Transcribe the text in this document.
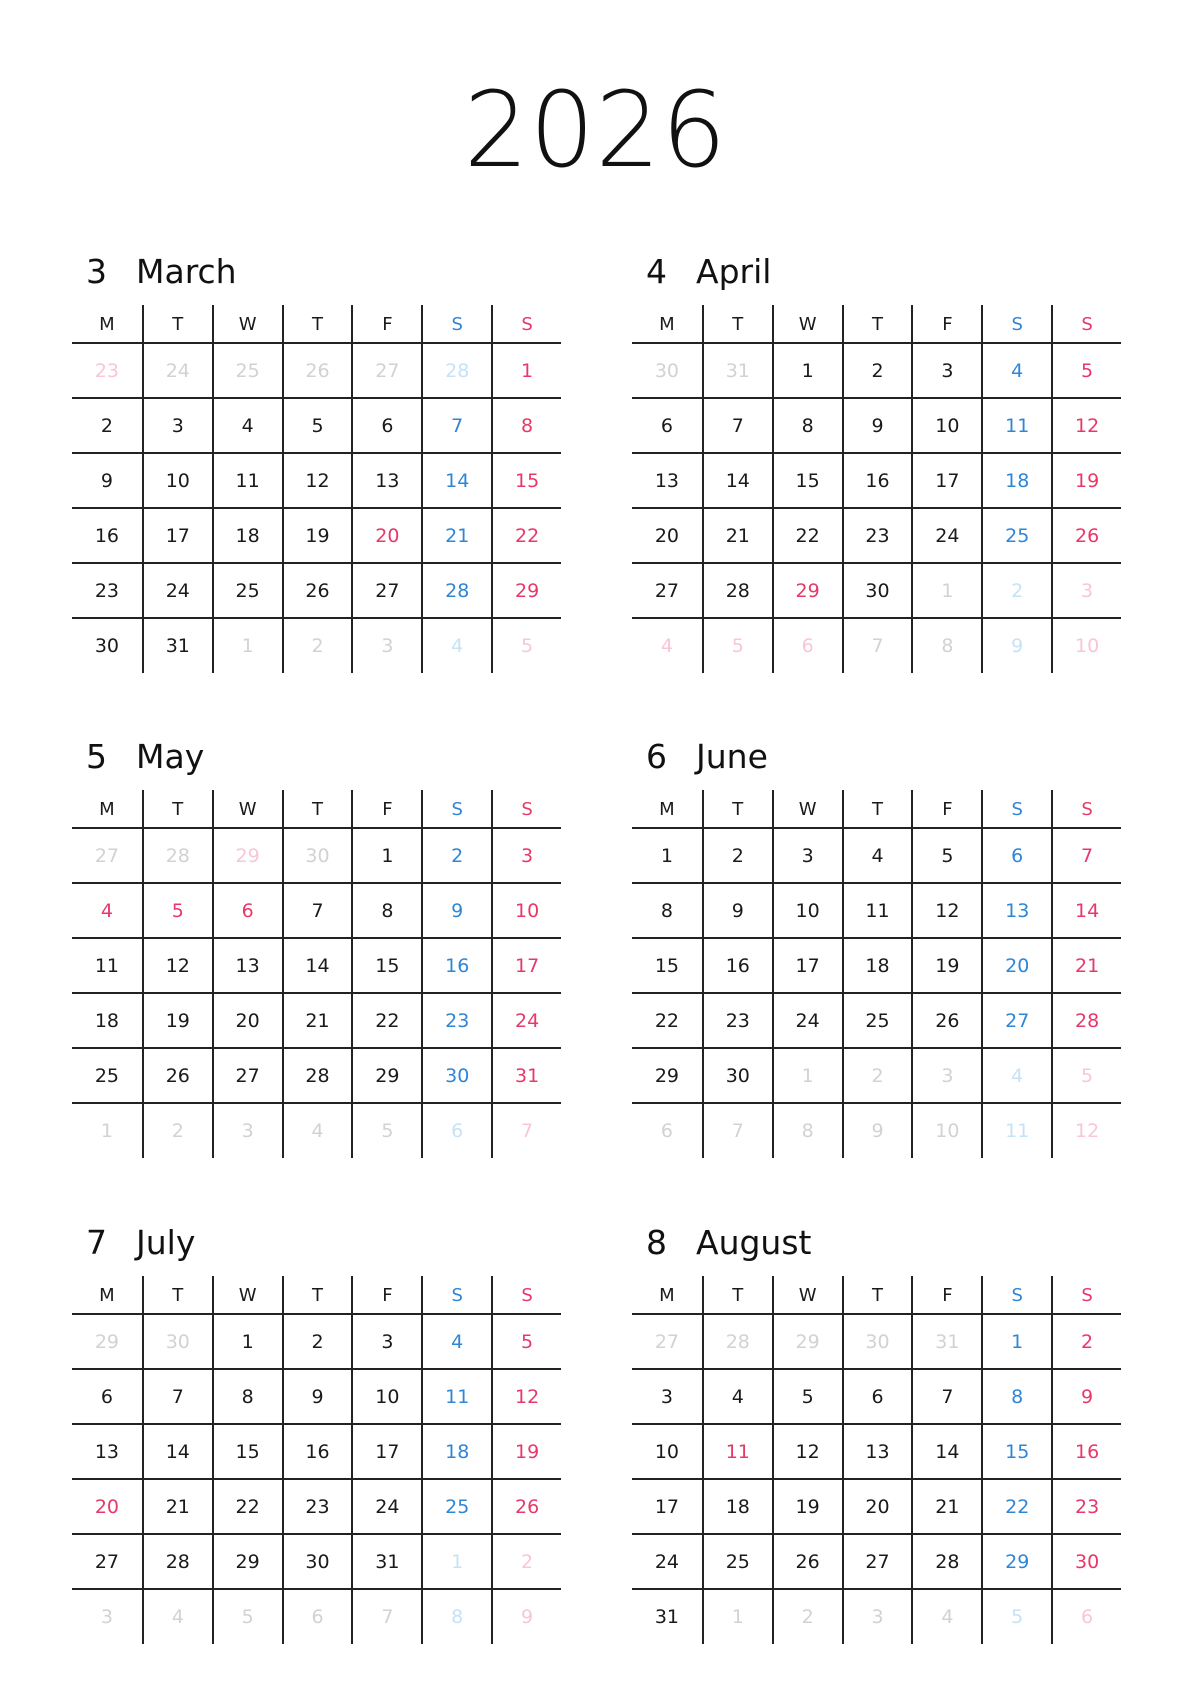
2026
3 March
M	T	W	T	F	S	S
23	24	25	26	27	28	1
2	3	4	5	6	7	8
9	10	11	12	13	14	15
16	17	18	19	20	21	22
23	24	25	26	27	28	29
30	31	1	2	3	4	5
4 April
M	T	W	T	F	S	S
30	31	1	2	3	4	5
6	7	8	9	10	11	12
13	14	15	16	17	18	19
20	21	22	23	24	25	26
27	28	29	30	1	2	3
4	5	6	7	8	9	10
5 May
M	T	W	T	F	S	S
27	28	29	30	1	2	3
4	5	6	7	8	9	10
11	12	13	14	15	16	17
18	19	20	21	22	23	24
25	26	27	28	29	30	31
1	2	3	4	5	6	7
6 June
M	T	W	T	F	S	S
1	2	3	4	5	6	7
8	9	10	11	12	13	14
15	16	17	18	19	20	21
22	23	24	25	26	27	28
29	30	1	2	3	4	5
6	7	8	9	10	11	12
7 July
M	T	W	T	F	S	S
29	30	1	2	3	4	5
6	7	8	9	10	11	12
13	14	15	16	17	18	19
20	21	22	23	24	25	26
27	28	29	30	31	1	2
3	4	5	6	7	8	9
8 August
M	T	W	T	F	S	S
27	28	29	30	31	1	2
3	4	5	6	7	8	9
10	11	12	13	14	15	16
17	18	19	20	21	22	23
24	25	26	27	28	29	30
31	1	2	3	4	5	6
